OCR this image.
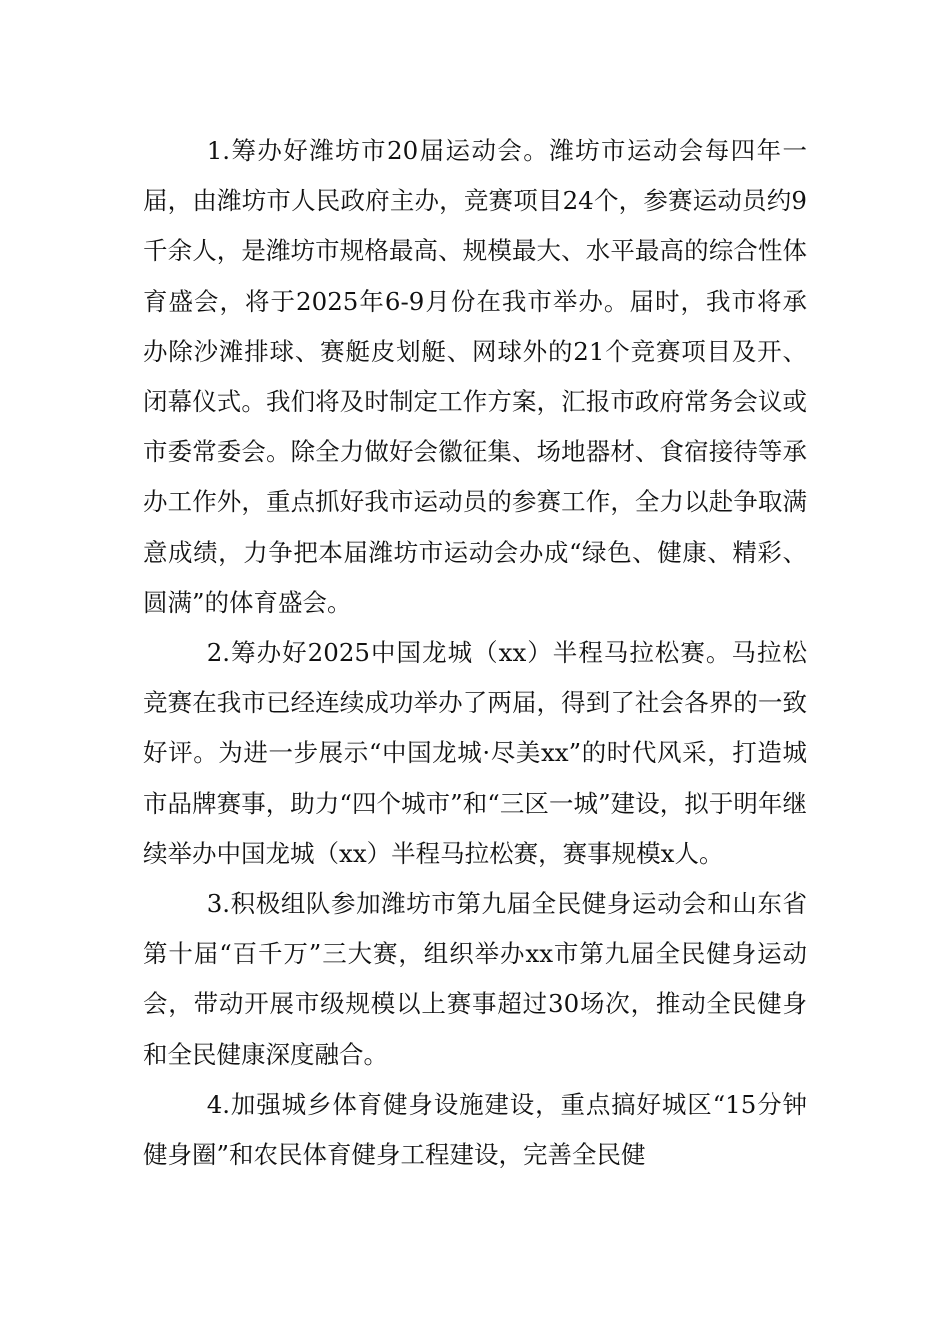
1.筹办好潍坊市20届运动会。潍坊市运动会每四年一届，由潍坊市人民政府主办，竞赛项目24个，参赛运动员约9千余人，是潍坊市规格最高、规模最大、水平最高的综合性体育盛会，将于2025年6-9月份在我市举办。届时，我市将承办除沙滩排球、赛艇皮划艇、网球外的21个竞赛项目及开、闭幕仪式。我们将及时制定工作方案，汇报市政府常务会议或市委常委会。除全力做好会徽征集、场地器材、食宿接待等承办工作外，重点抓好我市运动员的参赛工作，全力以赴争取满意成绩，力争把本届潍坊市运动会办成“绿色、健康、精彩、圆满”的体育盛会。

2.筹办好2025中国龙城（xx）半程马拉松赛。马拉松竞赛在我市已经连续成功举办了两届，得到了社会各界的一致好评。为进一步展示“中国龙城·尽美xx”的时代风采，打造城市品牌赛事，助力“四个城市”和“三区一城”建设，拟于明年继续举办中国龙城（xx）半程马拉松赛，赛事规模x人。

3.积极组队参加潍坊市第九届全民健身运动会和山东省第十届“百千万”三大赛，组织举办xx市第九届全民健身运动会，带动开展市级规模以上赛事超过30场次，推动全民健身和全民健康深度融合。

4.加强城乡体育健身设施建设，重点搞好城区“15分钟健身圈”和农民体育健身工程建设，完善全民健
